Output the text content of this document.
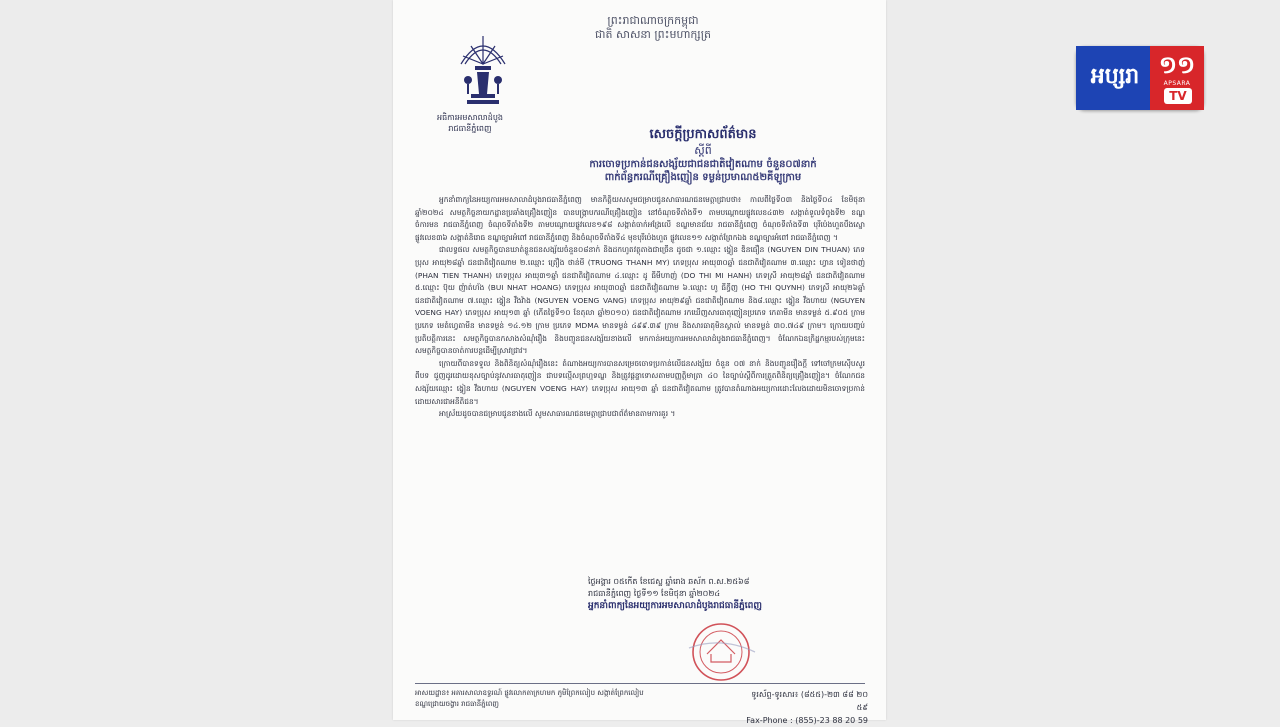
ព្រះរាជាណាចក្រកម្ពុជា
ជាតិ សាសនា ព្រះមហាក្សត្រ
អធិការអមសាលាដំបូង
រាជធានីភ្នំពេញ	សេចក្តីប្រកាសព័ត៌មាន
ស្តីពី
ការចោទប្រកាន់ជនសង្ស័យជាជនជាតិវៀតណាម ចំនួន០៧នាក់
ពាក់ព័ន្ធករណីគ្រឿងញៀន ទម្ងន់ប្រមាណ៥២គីឡូក្រាម

អ្នកនាំពាក្យនៃអយ្យការអមសាលាដំបូងរាជធានីភ្នំពេញ មានកិត្តិយសសូមជម្រាបជូនសាធារណជនមេត្តាជ្រាបថា៖ កាលពីថ្ងៃទី០៣ និងថ្ងៃទី០៤ ខែមិថុនា ឆ្នាំ២០២៤ សមត្ថកិច្ចនាយកដ្ឋានប្រឆាំងគ្រឿងញៀន បានបង្ក្រាបករណីគ្រឿងញៀន នៅចំណុចទីតាំងទី១ តាមបណ្តោយផ្លូវលេខ៤៣២ សង្កាត់ទួលទំពូងទី២ ខណ្ឌចំការមន រាជធានីភ្នំពេញ ចំណុចទីតាំងទី២ តាមបណ្តោយផ្លូវលេខ១៩៨ សង្កាត់ចាក់អង្រែលើ ខណ្ឌមានជ័យ រាជធានីភ្នំពេញ ចំណុចទីតាំងទី៣ បុរីប៉េងហួតបឹងស្នោ ផ្លូវលេខ៣៦ សង្កាត់និរោធ ខណ្ឌច្បារអំពៅ រាជធានីភ្នំពេញ និងចំណុចទីតាំងទី៤ មុខបុរីប៉េងហួត ផ្លូវលេខ១១ សង្កាត់ព្រែកឯង ខណ្ឌច្បារអំពៅ រាជធានីភ្នំពេញ ។

ជាលទ្ធផល សមត្ថកិច្ចបានឃាត់ខ្លួនជនសង្ស័យចំនួន០៨នាក់ និងដកហូតវត្ថុតាងជាច្រើន ដូចជា ១.ឈ្មោះ ង្វៀន ឌិនធឿន (NGUYEN DIN THUAN) ភេទប្រុស អាយុ២៨ឆ្នាំ ជនជាតិវៀតណាម ២.ឈ្មោះ ត្រឿង ថាន់មី (TRUONG THANH MY) ភេទប្រុស អាយុ៣០ឆ្នាំ ជនជាតិវៀតណាម ៣.ឈ្មោះ ហ្វាន ទៀនថាញ់ (PHAN TIEN THANH) ភេទប្រុស អាយុ៣១ឆ្នាំ ជនជាតិវៀតណាម ៤.ឈ្មោះ ដូ ធីមីហាញ់ (DO THI MI HANH) ភេទស្រី អាយុ២៨ឆ្នាំ ជនជាតិវៀតណាម ៥.ឈ្មោះ ប៊ុយ ញ៉ាត់ហ័ង (BUI NHAT HOANG) ភេទប្រុស អាយុ៣០ឆ្នាំ ជនជាតិវៀតណាម ៦.ឈ្មោះ ហូ ធីក្វីញ (HO THI QUYNH) ភេទស្រី អាយុ២៦ឆ្នាំ ជនជាតិវៀតណាម ៧.ឈ្មោះ ង្វៀន វឹងវ៉ាង (NGUYEN VOENG VANG) ភេទប្រុស អាយុ២៩ឆ្នាំ ជនជាតិវៀតណាម និង៨.ឈ្មោះ ង្វៀន វឹងហាយ (NGUYEN VOENG HAY) ភេទប្រុស អាយុ១៣ ឆ្នាំ (កើតថ្ងៃទី១០ ខែតុលា ឆ្នាំ២០១០) ជនជាតិវៀតណាម រកឃើញសារធាតុញៀនប្រភេទ កេតាមីន មានទម្ងន់ ៥.៩០៥ ក្រាម ប្រភេទ មេតំហ្វេតាមីន មានទម្ងន់ ១៤.១២ ក្រាម ប្រភេទ MDMA មានទម្ងន់ ៤៩៩.៣៩ ក្រាម និងសារធាតុមិនស្គាល់ មានទម្ងន់ ៣០.៧៤៩ ក្រាម។ ក្រោយបញ្ចប់ប្រតិបត្តិការនេះ សមត្ថកិច្ចបានកសាងសំណុំរឿង និងបញ្ជូនជនសង្ស័យខាងលើ មកកាន់អយ្យការអមសាលាដំបូងរាជធានីភ្នំពេញ។ ចំណែកឯឧក្រិដ្ឋកម្មរបស់ក្រុមនេះ សមត្ថកិច្ចបានចាត់ការបន្តដើម្បីស្រាវជ្រាវ។

ក្រោយពីបានទទួល និងពិនិត្យសំណុំរឿងនេះ តំណាងអយ្យការបានសម្រេចចោទប្រកាន់លើជនសង្ស័យ ចំនួន ០៧ នាក់ និងបញ្ជូនរឿងក្តី ទៅចៅក្រមស៊ើបសួរ ពីបទ ជួញដូរដោយខុសច្បាប់នូវសារធាតុញៀន ជាបទល្មើសព្រហ្មទណ្ឌ និងត្រូវផ្តន្ទាទោសតាមបញ្ញត្តិមាត្រា ៤០ នៃច្បាប់ស្តីពីការត្រួតពិនិត្យគ្រឿងញៀន។ ចំណែកជនសង្ស័យឈ្មោះ ង្វៀន វឹងហាយ (NGUYEN VOENG HAY) ភេទប្រុស អាយុ១៣ ឆ្នាំ ជនជាតិវៀតណាម ត្រូវបានតំណាងអយ្យការដោះលែងដោយមិនចោទប្រកាន់ ដោយសារជាអនីតិជន។

អាស្រ័យដូចបានជម្រាបជូនខាងលើ សូមសាធារណជនមេត្តាជ្រាបជាព័ត៌មានតាមការគួរ ។

ថ្ងៃអង្គារ ០៥កើត ខែជេស្ឋ ឆ្នាំរោង ឆស័ក ព.ស.២៥៦៨
រាជធានីភ្នំពេញ ថ្ងៃទី១១ ខែមិថុនា ឆ្នាំ២០២៤
អ្នកនាំពាក្យនៃអយ្យការអមសាលាដំបូងរាជធានីភ្នំពេញ
អាសយដ្ឋាន៖ អគារសាលាឧទ្ធរណ៍ ផ្លូវលោកតាក្រហមក ភូមិព្រែកលៀប សង្កាត់ព្រែកលៀប
ខណ្ឌជ្រោយចង្វារ រាជធានីភ្នំពេញ
ទូរស័ព្ទ-ទូរសារ៖ (៨៥៥)-២៣ ៨៨ ២០ ៥៩
Fax-Phone : (855)-23 88 20 59
អប្សរា ១១
APSARA
TV
